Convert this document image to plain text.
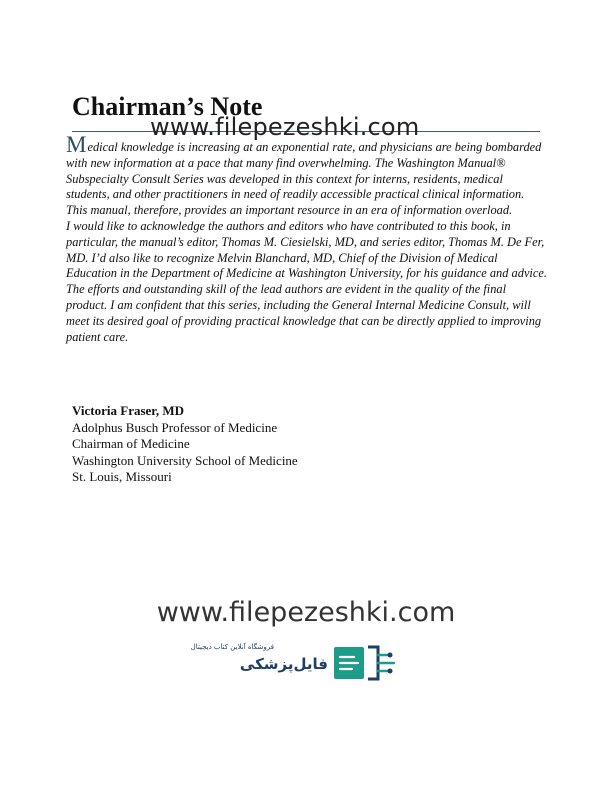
Chairman’s Note
www.filepezeshki.com

Medical knowledge is increasing at an exponential rate, and physicians are being bombarded with new information at a pace that many find overwhelming. The Washington Manual® Subspecialty Consult Series was developed in this context for interns, residents, medical students, and other practitioners in need of readily accessible practical clinical information. This manual, therefore, provides an important resource in an era of information overload.

I would like to acknowledge the authors and editors who have contributed to this book, in particular, the manual’s editor, Thomas M. Ciesielski, MD, and series editor, Thomas M. De Fer, MD. I’d also like to recognize Melvin Blanchard, MD, Chief of the Division of Medical Education in the Department of Medicine at Washington University, for his guidance and advice.

The efforts and outstanding skill of the lead authors are evident in the quality of the final product. I am confident that this series, including the General Internal Medicine Consult, will meet its desired goal of providing practical knowledge that can be directly applied to improving patient care.

Victoria Fraser, MD
Adolphus Busch Professor of Medicine
Chairman of Medicine
Washington University School of Medicine
St. Louis, Missouri
www.filepezeshki.com
فروشگاه آنلاین کتاب دیجیتال
فایل‌پزشکی
